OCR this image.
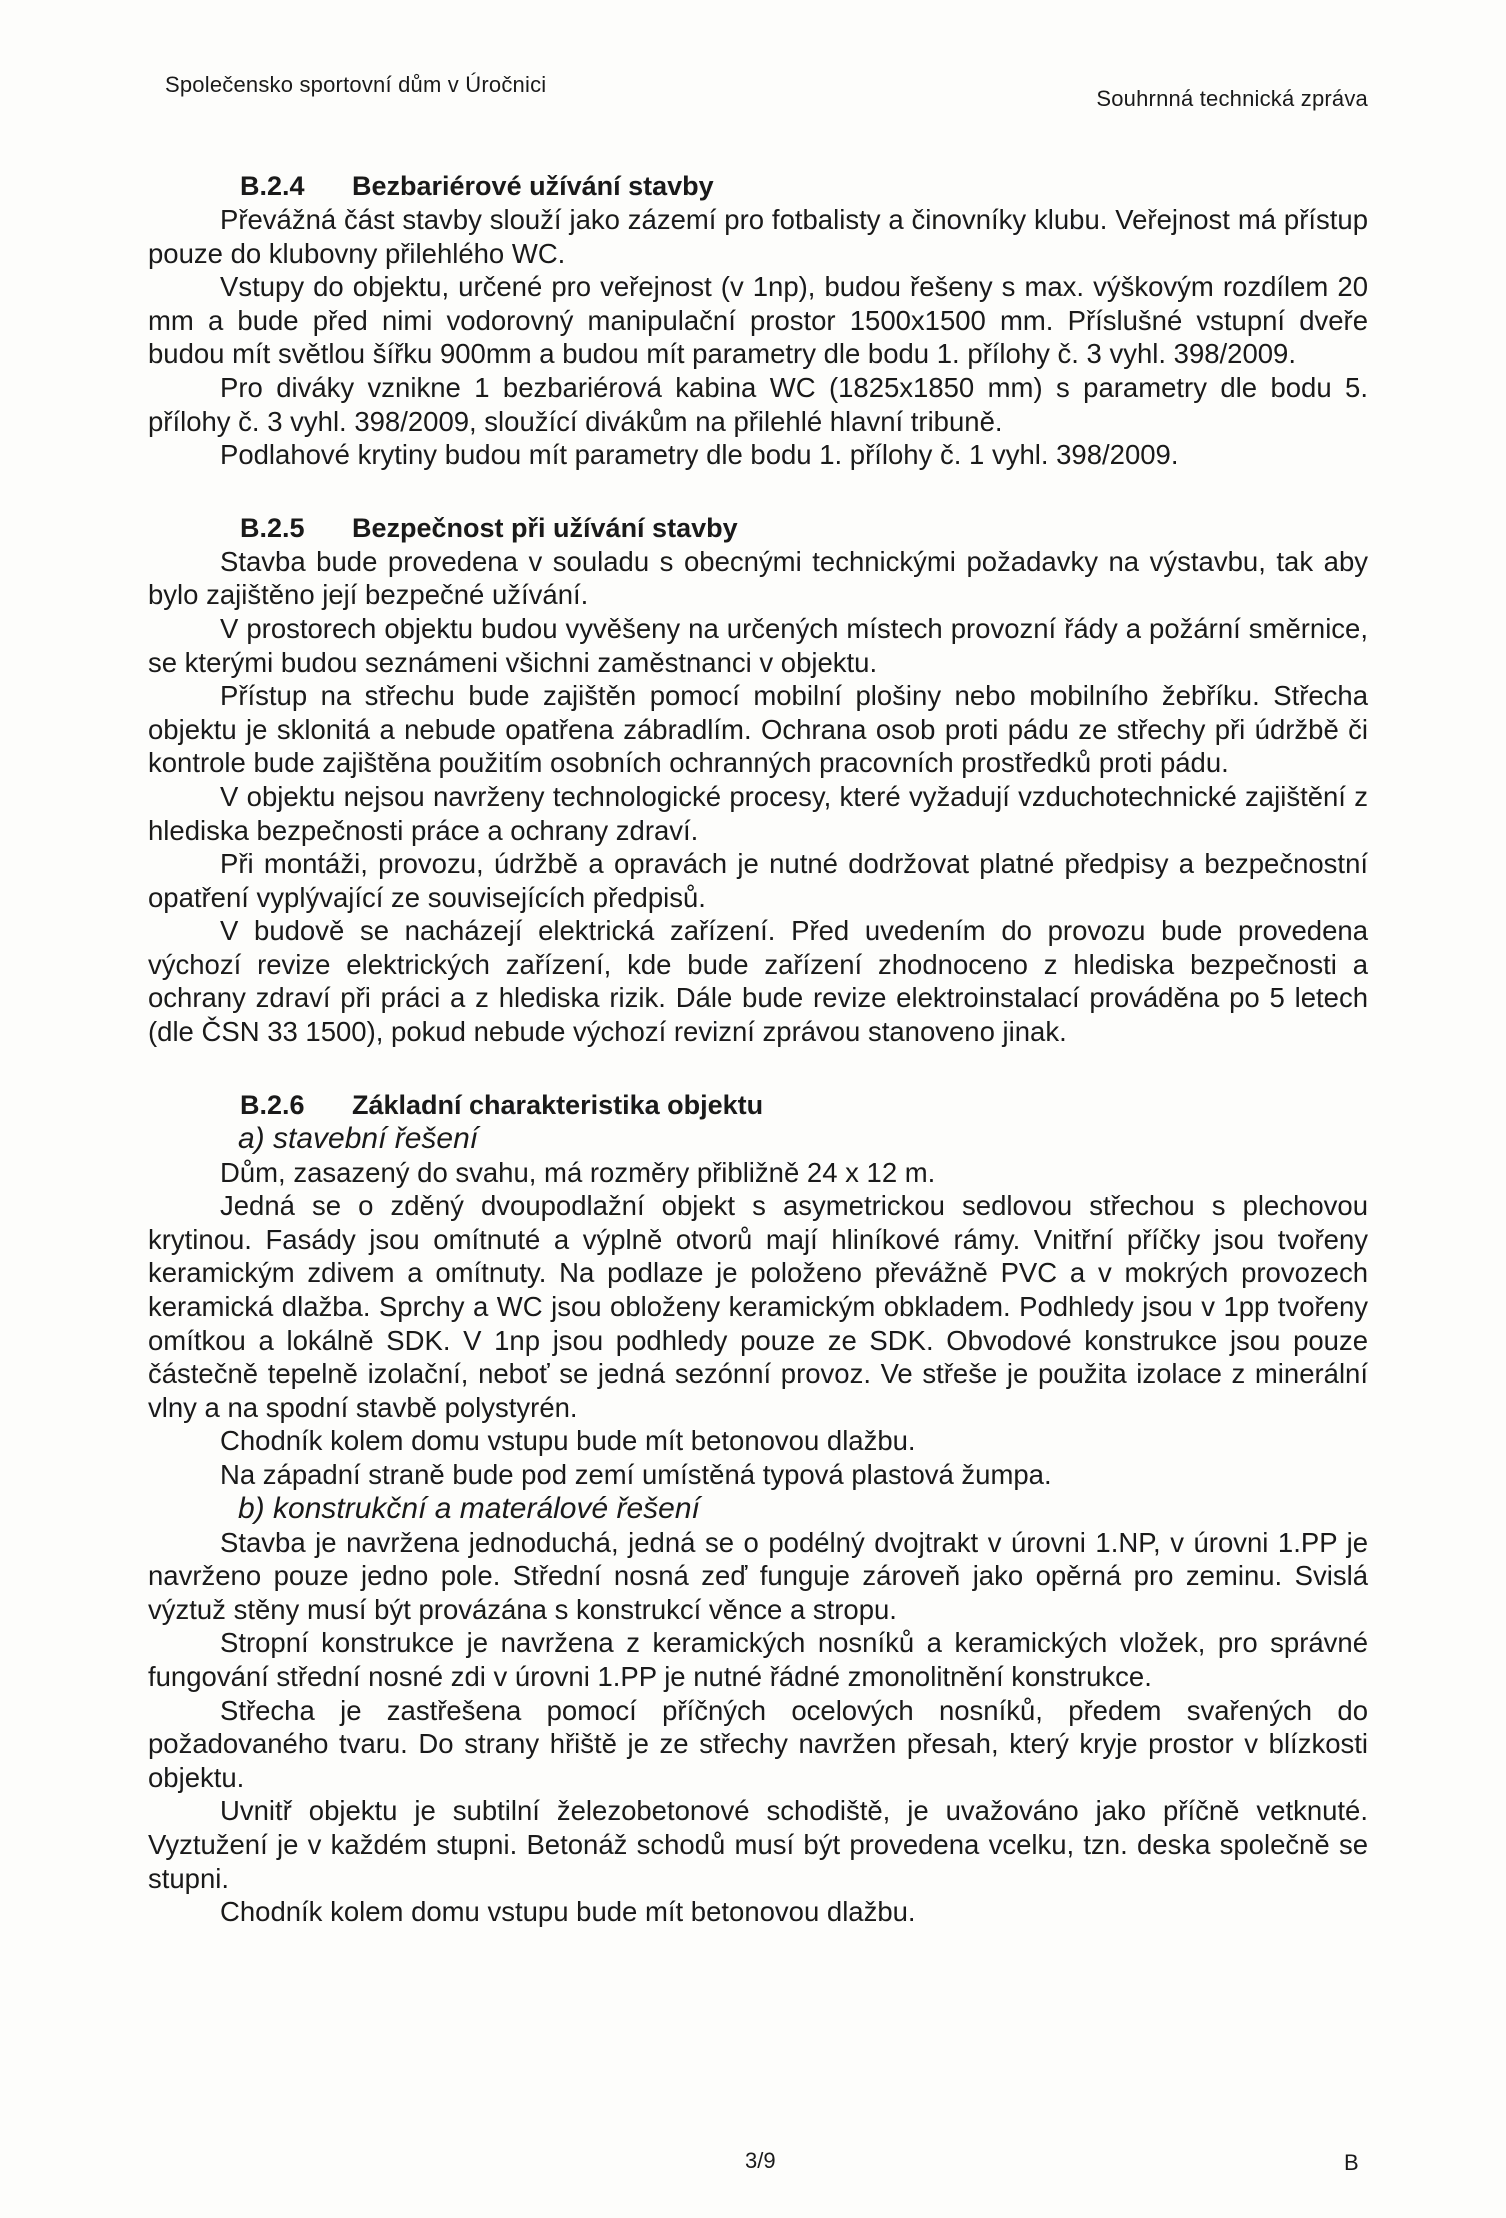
Společensko sportovní dům v Úročnici
Souhrnná technická zpráva
B.2.4 Bezbariérové užívání stavby

Převážná část stavby slouží jako zázemí pro fotbalisty a činovníky klubu. Veřejnost má přístup pouze do klubovny přilehlého WC.

Vstupy do objektu, určené pro veřejnost (v 1np), budou řešeny s max. výškovým rozdílem 20 mm a bude před nimi vodorovný manipulační prostor 1500x1500 mm. Příslušné vstupní dveře budou mít světlou šířku 900mm a budou mít parametry dle bodu 1. přílohy č. 3 vyhl. 398/2009.

Pro diváky vznikne 1 bezbariérová kabina WC (1825x1850 mm) s parametry dle bodu 5. přílohy č. 3 vyhl. 398/2009, sloužící divákům na přilehlé hlavní tribuně.

Podlahové krytiny budou mít parametry dle bodu 1. přílohy č. 1 vyhl. 398/2009.

B.2.5 Bezpečnost při užívání stavby

Stavba bude provedena v souladu s obecnými technickými požadavky na výstavbu, tak aby bylo zajištěno její bezpečné užívání.

V prostorech objektu budou vyvěšeny na určených místech provozní řády a požární směrnice, se kterými budou seznámeni všichni zaměstnanci v objektu.

Přístup na střechu bude zajištěn pomocí mobilní plošiny nebo mobilního žebříku. Střecha objektu je sklonitá a nebude opatřena zábradlím. Ochrana osob proti pádu ze střechy při údržbě či kontrole bude zajištěna použitím osobních ochranných pracovních prostředků proti pádu.

V objektu nejsou navrženy technologické procesy, které vyžadují vzduchotechnické zajištění z hlediska bezpečnosti práce a ochrany zdraví.

Při montáži, provozu, údržbě a opravách je nutné dodržovat platné předpisy a bezpečnostní opatření vyplývající ze souvisejících předpisů.

V budově se nacházejí elektrická zařízení. Před uvedením do provozu bude provedena výchozí revize elektrických zařízení, kde bude zařízení zhodnoceno z hlediska bezpečnosti a ochrany zdraví při práci a z hlediska rizik. Dále bude revize elektroinstalací prováděna po 5 letech (dle ČSN 33 1500), pokud nebude výchozí revizní zprávou stanoveno jinak.

B.2.6 Základní charakteristika objektu
a) stavební řešení

Dům, zasazený do svahu, má rozměry přibližně 24 x 12 m.

Jedná se o zděný dvoupodlažní objekt s asymetrickou sedlovou střechou s plechovou krytinou. Fasády jsou omítnuté a výplně otvorů mají hliníkové rámy. Vnitřní příčky jsou tvořeny keramickým zdivem a omítnuty. Na podlaze je položeno převážně PVC a v mokrých provozech keramická dlažba. Sprchy a WC jsou obloženy keramickým obkladem. Podhledy jsou v 1pp tvořeny omítkou a lokálně SDK. V 1np jsou podhledy pouze ze SDK. Obvodové konstrukce jsou pouze částečně tepelně izolační, neboť se jedná sezónní provoz. Ve střeše je použita izolace z minerální vlny a na spodní stavbě polystyrén.

Chodník kolem domu vstupu bude mít betonovou dlažbu.

Na západní straně bude pod zemí umístěná typová plastová žumpa.

b) konstrukční a materálové řešení

Stavba je navržena jednoduchá, jedná se o podélný dvojtrakt v úrovni 1.NP, v úrovni 1.PP je navrženo pouze jedno pole. Střední nosná zeď funguje zároveň jako opěrná pro zeminu. Svislá výztuž stěny musí být provázána s konstrukcí věnce a stropu.

Stropní konstrukce je navržena z keramických nosníků a keramických vložek, pro správné fungování střední nosné zdi v úrovni 1.PP je nutné řádné zmonolitnění konstrukce.

Střecha je zastřešena pomocí příčných ocelových nosníků, předem svařených do požadovaného tvaru. Do strany hřiště je ze střechy navržen přesah, který kryje prostor v blízkosti objektu.

Uvnitř objektu je subtilní železobetonové schodiště, je uvažováno jako příčně vetknuté. Vyztužení je v každém stupni. Betonáž schodů musí být provedena vcelku, tzn. deska společně se stupni.

Chodník kolem domu vstupu bude mít betonovou dlažbu.

3/9	B
